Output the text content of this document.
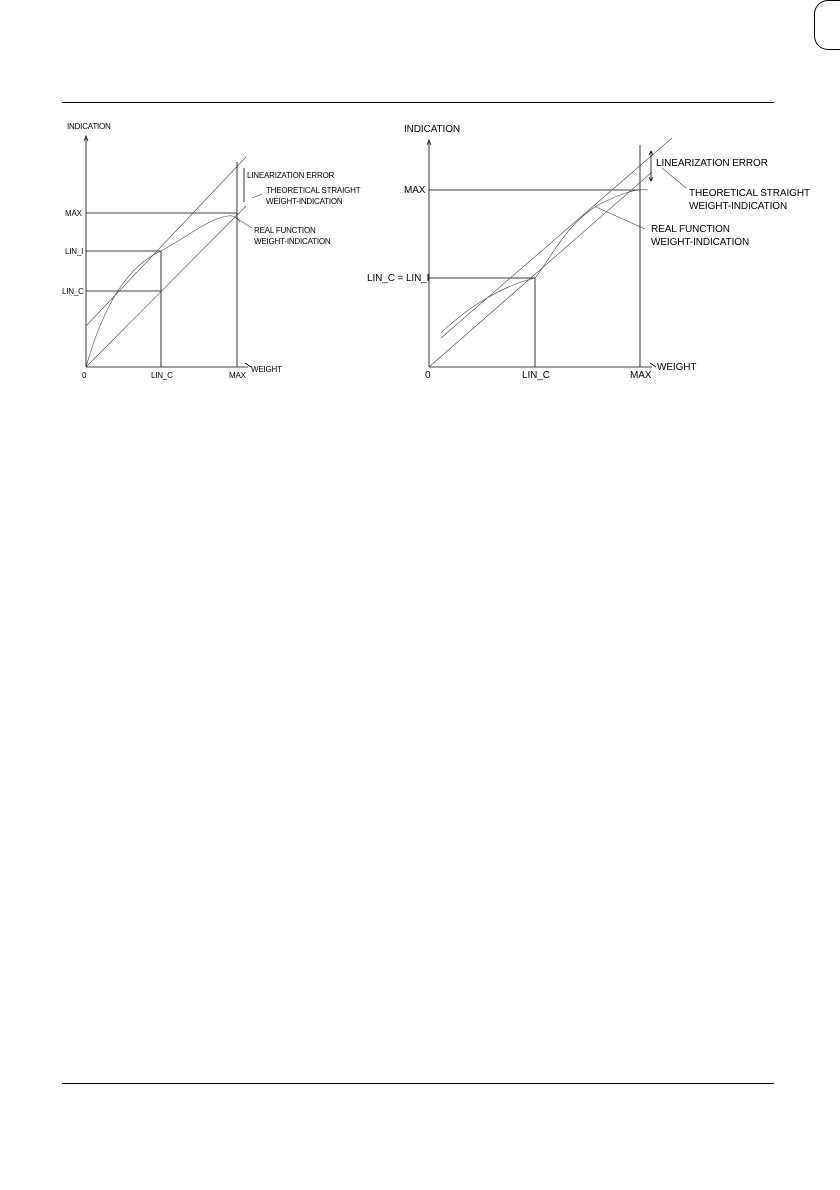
INDICATION
WEIGHT
0	LIN_C	MAX
MAX
LIN_I
LIN_C
LINEARIZATION ERROR
THEORETICAL STRAIGHT
WEIGHT-INDICATION
REAL FUNCTION
WEIGHT-INDICATION
INDICATION
WEIGHT
0	LIN_C	MAX
MAX
LIN_C = LIN_I
LINEARIZATION ERROR
THEORETICAL STRAIGHT
WEIGHT-INDICATION
REAL FUNCTION
WEIGHT-INDICATION
